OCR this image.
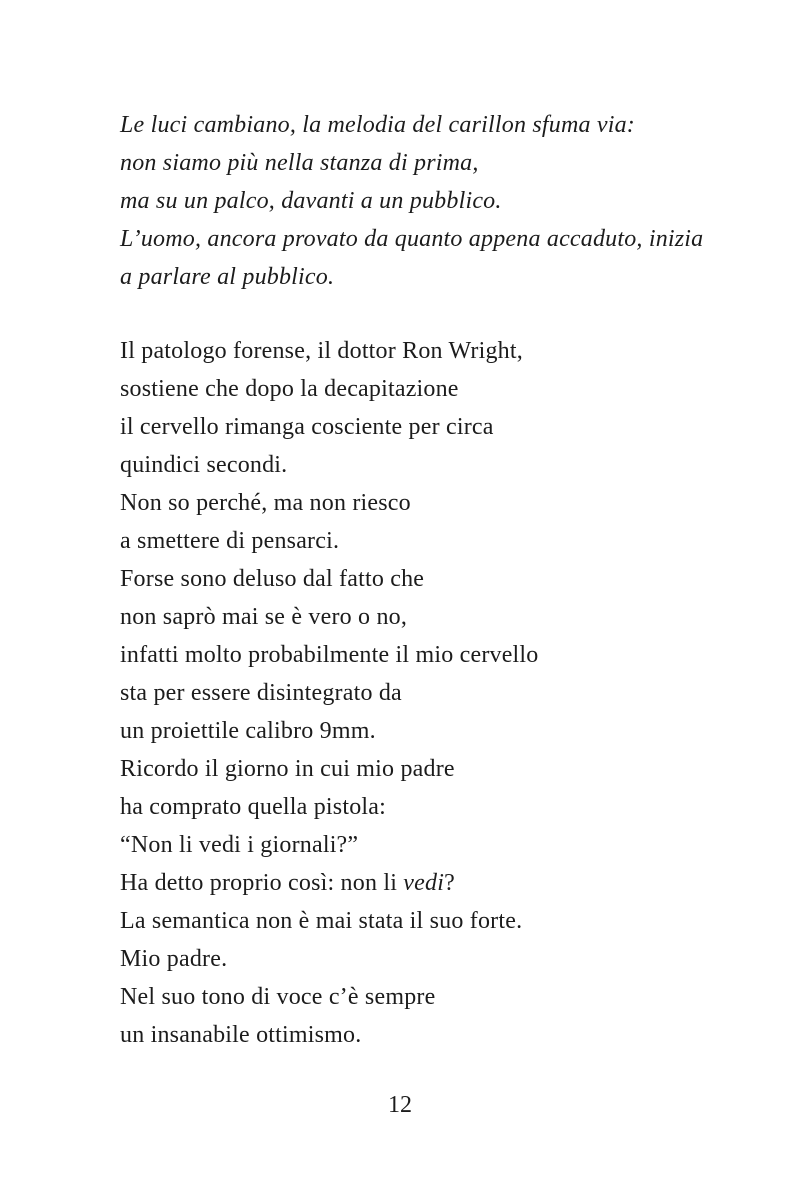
Le luci cambiano, la melodia del carillon sfuma via:
non siamo più nella stanza di prima,
ma su un palco, davanti a un pubblico.
L’uomo, ancora provato da quanto appena accaduto, inizia
a parlare al pubblico.
Il patologo forense, il dottor Ron Wright,
sostiene che dopo la decapitazione
il cervello rimanga cosciente per circa
quindici secondi.
Non so perché, ma non riesco
a smettere di pensarci.
Forse sono deluso dal fatto che
non saprò mai se è vero o no,
infatti molto probabilmente il mio cervello
sta per essere disintegrato da
un proiettile calibro 9mm.
Ricordo il giorno in cui mio padre
ha comprato quella pistola:
“Non li vedi i giornali?”
Ha detto proprio così: non li vedi?
La semantica non è mai stata il suo forte.
Mio padre.
Nel suo tono di voce c’è sempre
un insanabile ottimismo.
12
